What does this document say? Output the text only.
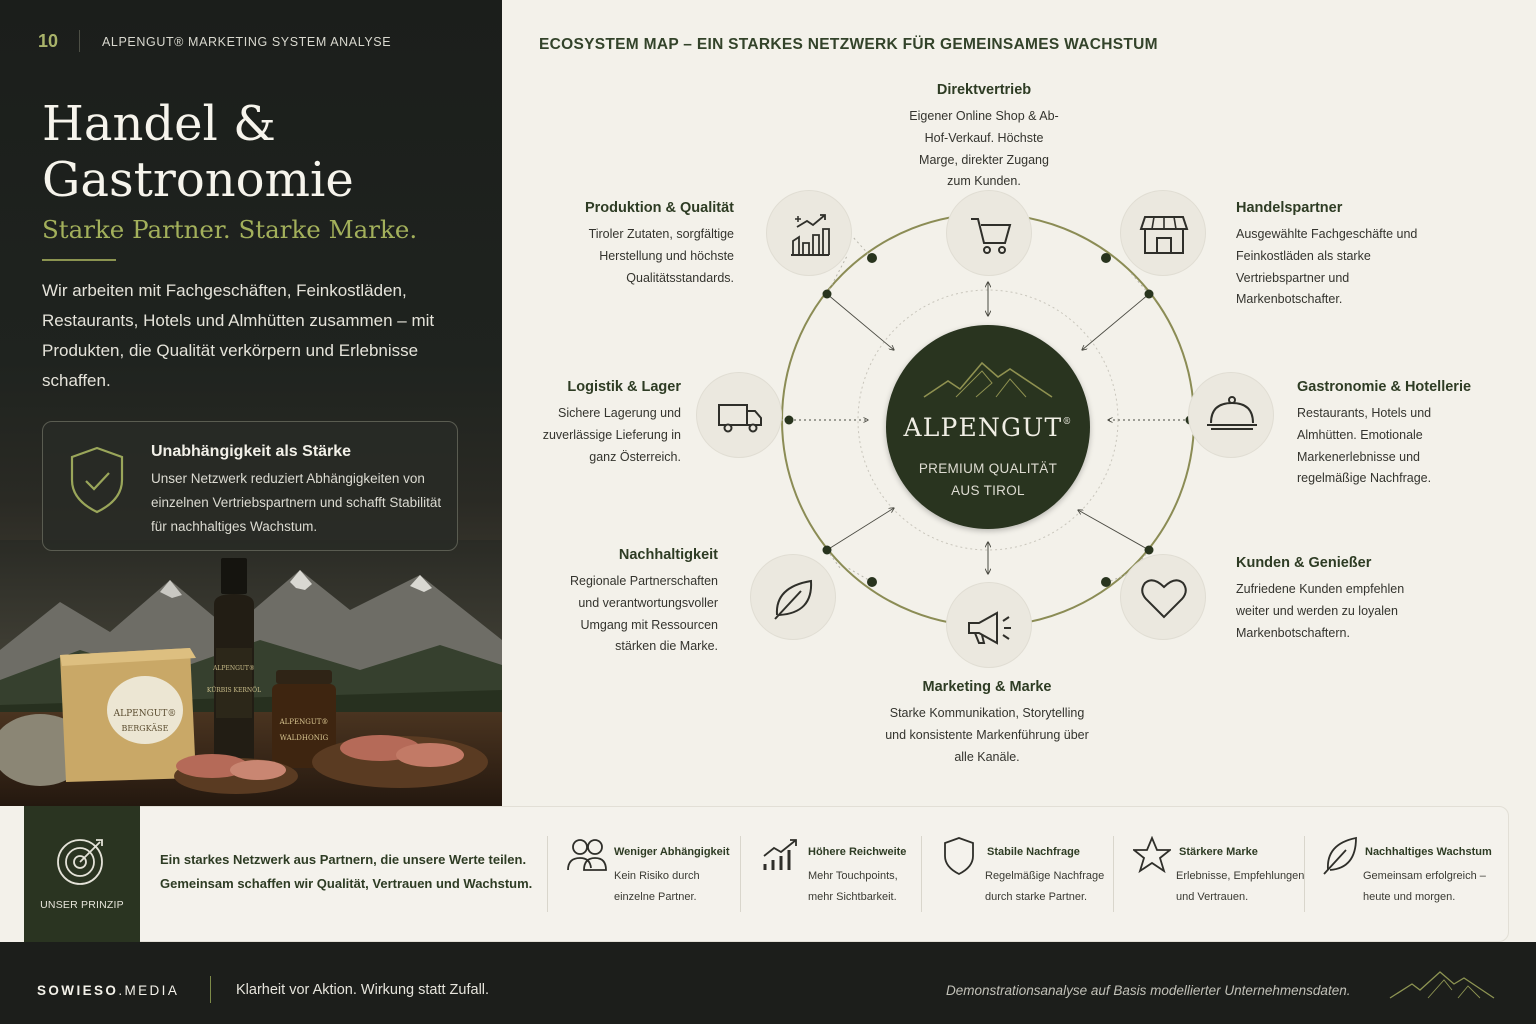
ALPENGUT®
BERGKÄSE
ALPENGUT®
KÜRBIS KERNÖL
ALPENGUT®
WALDHONIG
10	ALPENGUT® MARKETING SYSTEM ANALYSE
Handel & Gastronomie
Starke Partner. Starke Marke.
Wir arbeiten mit Fachgeschäften, Feinkostläden, Restaurants, Hotels und Almhütten zusammen – mit Produkten, die Qualität verkörpern und Erlebnisse schaffen.
Unabhängigkeit als Stärke
Unser Netzwerk reduziert Abhängigkeiten von einzelnen Vertriebspartnern und schafft Stabilität für nachhaltiges Wachstum.
ECOSYSTEM MAP – EIN STARKES NETZWERK FÜR GEMEINSAMES WACHSTUM
ALPENGUT®
PREMIUM QUALITÄT
AUS TIROL
Direktvertrieb
Eigener Online Shop & Ab-Hof-Verkauf. Höchste Marge, direkter Zugang zum Kunden.
Handelspartner
Ausgewählte Fachgeschäfte und Feinkostläden als starke Vertriebspartner und Markenbotschafter.
Gastronomie & Hotellerie
Restaurants, Hotels und Almhütten. Emotionale Markenerlebnisse und regelmäßige Nachfrage.
Kunden & Genießer
Zufriedene Kunden empfehlen weiter und werden zu loyalen Markenbotschaftern.
Marketing & Marke
Starke Kommunikation, Storytelling und konsistente Markenführung über alle Kanäle.
Nachhaltigkeit
Regionale Partnerschaften und verantwortungsvoller Umgang mit Ressourcen stärken die Marke.
Logistik & Lager
Sichere Lagerung und zuverlässige Lieferung in ganz Österreich.
Produktion & Qualität
Tiroler Zutaten, sorgfältige Herstellung und höchste Qualitätsstandards.
UNSER PRINZIP
Ein starkes Netzwerk aus Partnern, die unsere Werte teilen. Gemeinsam schaffen wir Qualität, Vertrauen und Wachstum.
Weniger Abhängigkeit
Kein Risiko durch
einzelne Partner.
Höhere Reichweite
Mehr Touchpoints,
mehr Sichtbarkeit.
Stabile Nachfrage
Regelmäßige Nachfrage
durch starke Partner.
Stärkere Marke
Erlebnisse, Empfehlungen
und Vertrauen.
Nachhaltiges Wachstum
Gemeinsam erfolgreich –
heute und morgen.
SOWIESO.MEDIA	Klarheit vor Aktion. Wirkung statt Zufall.	Demonstrationsanalyse auf Basis modellierter Unternehmensdaten.
